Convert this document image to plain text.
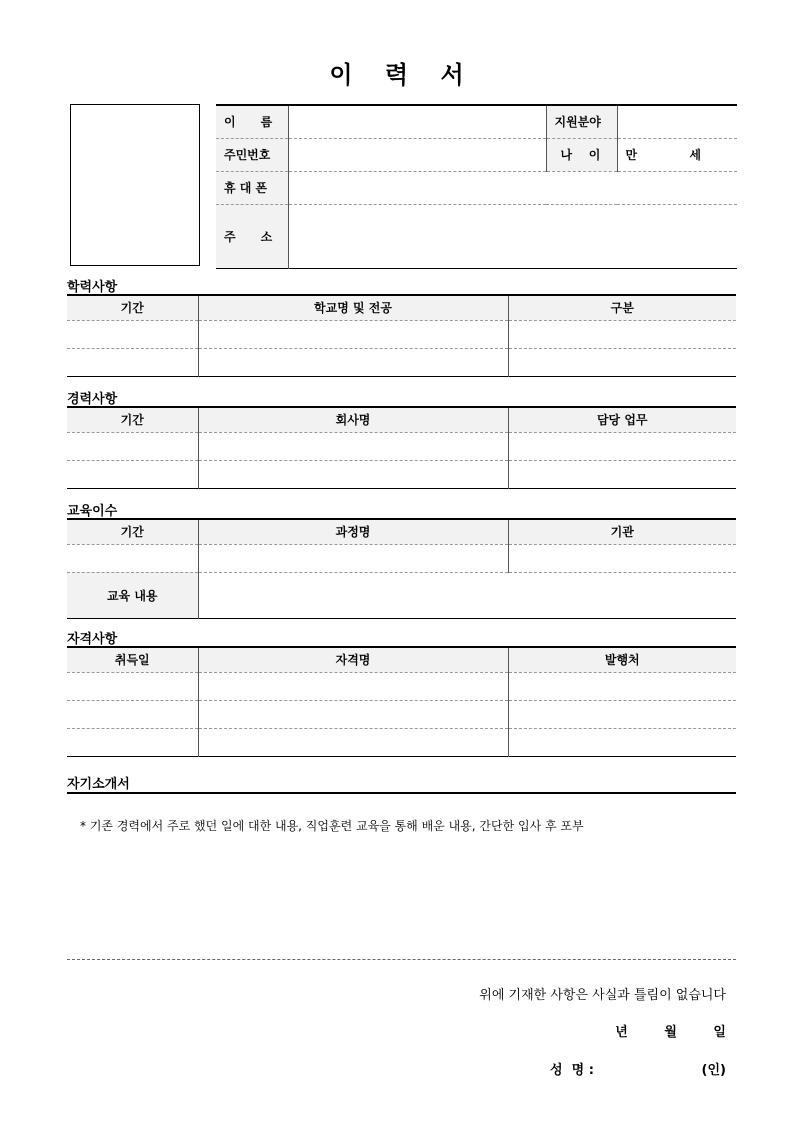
이 력 서
이      름		지원분야	
주민번호		나    이	만 세

휴 대 폰			
주      소			
학력사항
기간	학교명 및 전공	구분

경력사항
기간	회사명	담당 업무

교육이수
기간	과정명	기관

교육 내용		
자격사항
취득일	자격명	발행처

자기소개서
* 기존 경력에서 주로 했던 일에 대한 내용, 직업훈련 교육을 통해 배운 내용, 간단한 입사 후 포부
위에 기재한 사항은 사실과 틀림이 없습니다
년 월 일
성  명 :	(인)
